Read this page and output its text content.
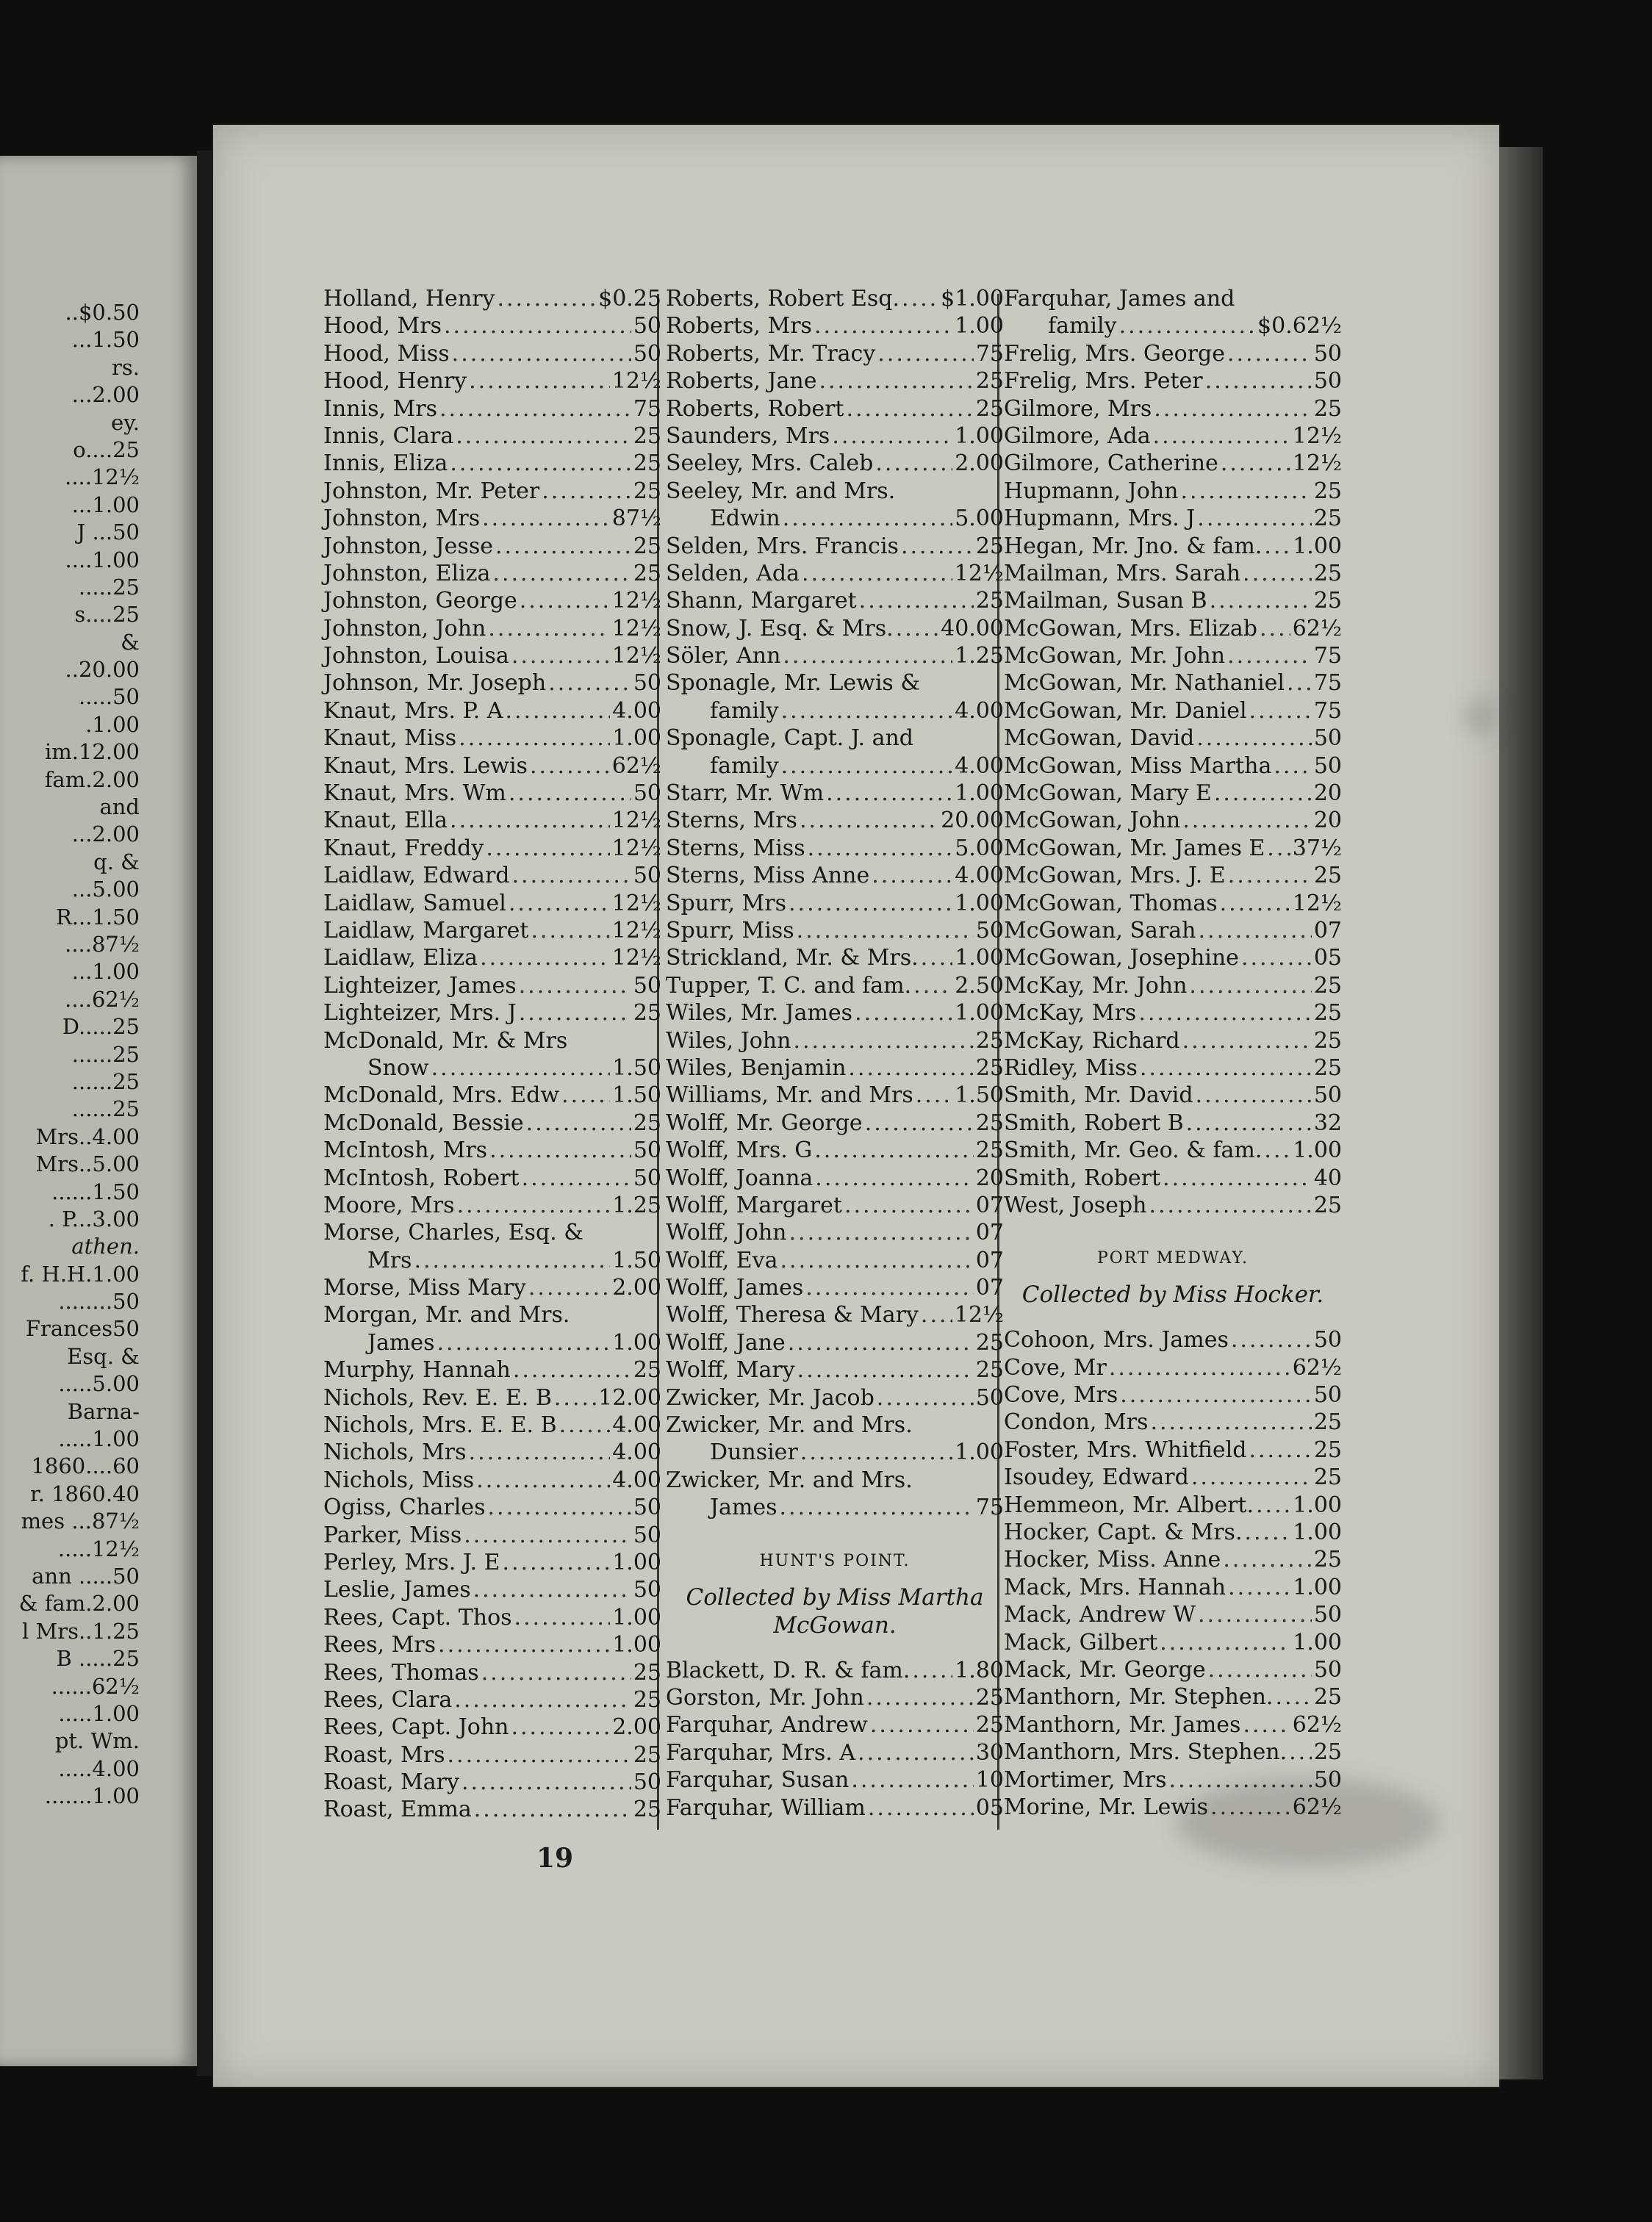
..$0.50
...1.50
rs.
...2.00
ey.
o....25
....12½
...1.00
J ...50
....1.00
.....25
s....25
&
..20.00
.....50
.1.00
im.12.00
fam.2.00
and
...2.00
q. &
...5.00
R...1.50
....87½
...1.00
....62½
D.....25
......25
......25
......25
Mrs..4.00
Mrs..5.00
......1.50
. P...3.00
athen.
f. H.H.1.00
........50
Frances50
Esq. &
.....5.00
Barna-
.....1.00
1860....60
r. 1860.40
mes ...87½
.....12½
ann .....50
& fam.2.00
l Mrs..1.25
B .....25
......62½
.....1.00
pt. Wm.
.....4.00
.......1.00
Holland, Henry .....	$0.25
Hood, Mrs .....	50
Hood, Miss .....	50
Hood, Henry .....	12½
Innis, Mrs .....	75
Innis, Clara .....	25
Innis, Eliza .....	25
Johnston, Mr. Peter .....	25
Johnston, Mrs .....	87½
Johnston, Jesse .....	25
Johnston, Eliza .....	25
Johnston, George .....	12½
Johnston, John .....	12½
Johnston, Louisa .....	12½
Johnson, Mr. Joseph .....	50
Knaut, Mrs. P. A .....	4.00
Knaut, Miss .....	1.00
Knaut, Mrs. Lewis .....	62½
Knaut, Mrs. Wm .....	50
Knaut, Ella .....	12½
Knaut, Freddy .....	12½
Laidlaw, Edward .....	50
Laidlaw, Samuel .....	12½
Laidlaw, Margaret .....	12½
Laidlaw, Eliza .....	12½
Lighteizer, James .....	50
Lighteizer, Mrs. J .....	25
McDonald, Mr. & Mrs
Snow .....	1.50
McDonald, Mrs. Edw ..... 1.50
McDonald, Bessie .....	25
McIntosh, Mrs .....	50
McIntosh, Robert .....	50
Moore, Mrs .....	1.25
Morse, Charles, Esq. &
Mrs .....	1.50
Morse, Miss Mary .....	2.00
Morgan, Mr. and Mrs.
James .....	1.00
Murphy, Hannah .....	25
Nichols, Rev. E. E. B ..... 12.00
Nichols, Mrs. E. E. B .....	4.00
Nichols, Mrs .....	4.00
Nichols, Miss .....	4.00
Ogiss, Charles .....	50
Parker, Miss .....	50
Perley, Mrs. J. E .....	1.00
Leslie, James .....	50
Rees, Capt. Thos .....	1.00
Rees, Mrs .....	1.00
Rees, Thomas .....	25
Rees, Clara .....	25
Rees, Capt. John .....	2.00
Roast, Mrs .....	25
Roast, Mary .....	50
Roast, Emma .....	25
Roberts, Robert Esq. ..... $1.00
Roberts, Mrs .....	1.00
Roberts, Mr. Tracy .....	75
Roberts, Jane .....	25
Roberts, Robert .....	25
Saunders, Mrs .....	1.00
Seeley, Mrs. Caleb .....	2.00
Seeley, Mr. and Mrs.
Edwin .....	5.00
Selden, Mrs. Francis .....	25
Selden, Ada .....	12½
Shann, Margaret .....	25
Snow, J. Esq. & Mrs. ..... 40.00
Söler, Ann .....	1.25
Sponagle, Mr. Lewis &
family .....	4.00
Sponagle, Capt. J. and
family .....	4.00
Starr, Mr. Wm .....	1.00
Sterns, Mrs .....	20.00
Sterns, Miss .....	5.00
Sterns, Miss Anne .....	4.00
Spurr, Mrs .....	1.00
Spurr, Miss .....	50
Strickland, Mr. & Mrs. ..... 1.00
Tupper, T. C. and fam. ..... 2.50
Wiles, Mr. James .....	1.00
Wiles, John .....	25
Wiles, Benjamin .....	25
Williams, Mr. and Mrs ..... 1.50
Wolff, Mr. George .....	25
Wolff, Mrs. G .....	25
Wolff, Joanna .....	20
Wolff, Margaret .....	07
Wolff, John .....	07
Wolff, Eva .....	07
Wolff, James .....	07
Wolff, Theresa & Mary ..... 12½
Wolff, Jane .....	25
Wolff, Mary .....	25
Zwicker, Mr. Jacob .....	50
Zwicker, Mr. and Mrs.
Dunsier .....	1.00
Zwicker, Mr. and Mrs.
James .....	75
HUNT'S POINT.
Collected by Miss Martha
McGowan.
Blackett, D. R. & fam. ..... 1.80
Gorston, Mr. John .....	25
Farquhar, Andrew .....	25
Farquhar, Mrs. A .....	30
Farquhar, Susan .....	10
Farquhar, William .....	05
Farquhar, James and
family .....	$0.62½
Frelig, Mrs. George .....	50
Frelig, Mrs. Peter .....	50
Gilmore, Mrs .....	25
Gilmore, Ada .....	12½
Gilmore, Catherine .....	12½
Hupmann, John .....	25
Hupmann, Mrs. J .....	25
Hegan, Mr. Jno. & fam. ..... 1.00
Mailman, Mrs. Sarah .....	25
Mailman, Susan B .....	25
McGowan, Mrs. Elizab ..... 62½
McGowan, Mr. John .....	75
McGowan, Mr. Nathaniel ..... 75
McGowan, Mr. Daniel .....	75
McGowan, David .....	50
McGowan, Miss Martha ..... 50
McGowan, Mary E .....	20
McGowan, John .....	20
McGowan, Mr. James E ..... 37½
McGowan, Mrs. J. E .....	25
McGowan, Thomas .....	12½
McGowan, Sarah .....	07
McGowan, Josephine .....	05
McKay, Mr. John .....	25
McKay, Mrs .....	25
McKay, Richard .....	25
Ridley, Miss .....	25
Smith, Mr. David .....	50
Smith, Robert B .....	32
Smith, Mr. Geo. & fam. ..... 1.00
Smith, Robert .....	40
West, Joseph .....	25
PORT MEDWAY.
Collected by Miss Hocker.
Cohoon, Mrs. James .....	50
Cove, Mr .....	62½
Cove, Mrs .....	50
Condon, Mrs .....	25
Foster, Mrs. Whitfield .....	25
Isoudey, Edward .....	25
Hemmeon, Mr. Albert. ..... 1.00
Hocker, Capt. & Mrs. ..... 1.00
Hocker, Miss. Anne .....	25
Mack, Mrs. Hannah .....	1.00
Mack, Andrew W .....	50
Mack, Gilbert .....	1.00
Mack, Mr. George .....	50
Manthorn, Mr. Stephen. ..... 25
Manthorn, Mr. James ..... 62½
Manthorn, Mrs. Stephen. ..... 25
Mortimer, Mrs .....	50
Morine, Mr. Lewis .....	62½
19
